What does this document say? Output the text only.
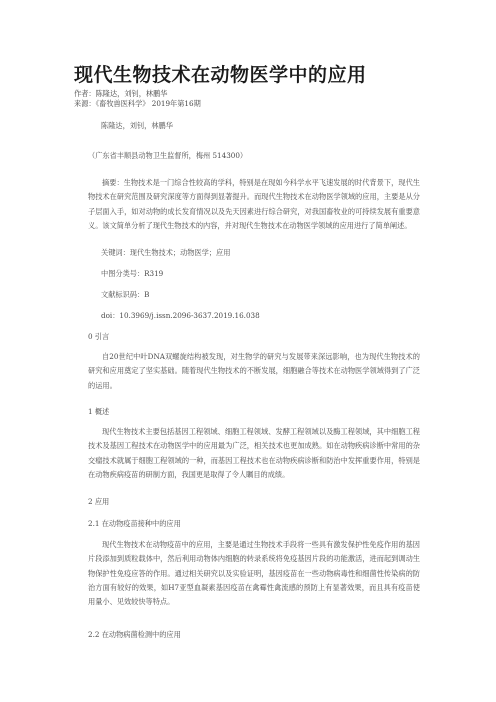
现代生物技术在动物医学中的应用
作者：陈隆达，刘钊，林鹏华
来源：《畜牧兽医科学》 2019年第16期
陈隆达，刘钊，林鹏华
（广东省丰顺县动物卫生监督所，梅州 514300）

摘要：生物技术是一门综合性较高的学科，特别是在现如今科学水平飞速发展的时代背景下，现代生物技术在研究范围及研究深度等方面得到显著提升。而现代生物技术在动物医学领域的应用，主要是从分子层面入手，如对动物的成长发育情况以及先天因素进行综合研究，对我国畜牧业的可持续发展有重要意义。该文简单分析了现代生物技术的内容，并对现代生物技术在动物医学领域的应用进行了简单阐述。

关键词：现代生物技术；动物医学；应用
中图分类号：R319
文献标识码：B
doi：10.3969/j.issn.2096-3637.2019.16.038
0 引言

自20世纪中叶DNA双螺旋结构被发现，对生物学的研究与发展带来深远影响，也为现代生物技术的研究和应用奠定了坚实基础。随着现代生物技术的不断发展，细胞融合等技术在动物医学领域得到了广泛的运用。

1 概述

现代生物技术主要包括基因工程领域、细胞工程领域、发酵工程领域以及酶工程领域，其中细胞工程技术及基因工程技术在动物医学中的应用最为广泛，相关技术也更加成熟。如在动物疾病诊断中常用的杂交瘤技术就属于细胞工程领域的一种，而基因工程技术也在动物疾病诊断和防治中发挥重要作用，特别是在动物疾病疫苗的研制方面，我国更是取得了令人瞩目的成绩。

2 应用
2.1 在动物疫苗接种中的应用

现代生物技术在动物疫苗中的应用，主要是通过生物技术手段将一些具有激发保护性免疫作用的基因片段添加到质粒载体中，然后利用动物体内细胞的转录系统将免疫基因片段的功能激活，进而起到调动生物保护性免疫应答的作用。通过相关研究以及实验证明，基因疫苗在一些动物病毒性和细菌性传染病的防治方面有较好的效果，如H7亚型血凝素基因疫苗在禽霉性禽流感的预防上有显著效果，而且具有疫苗使用量小、见效较快等特点。

2.2 在动物病菌检测中的应用
